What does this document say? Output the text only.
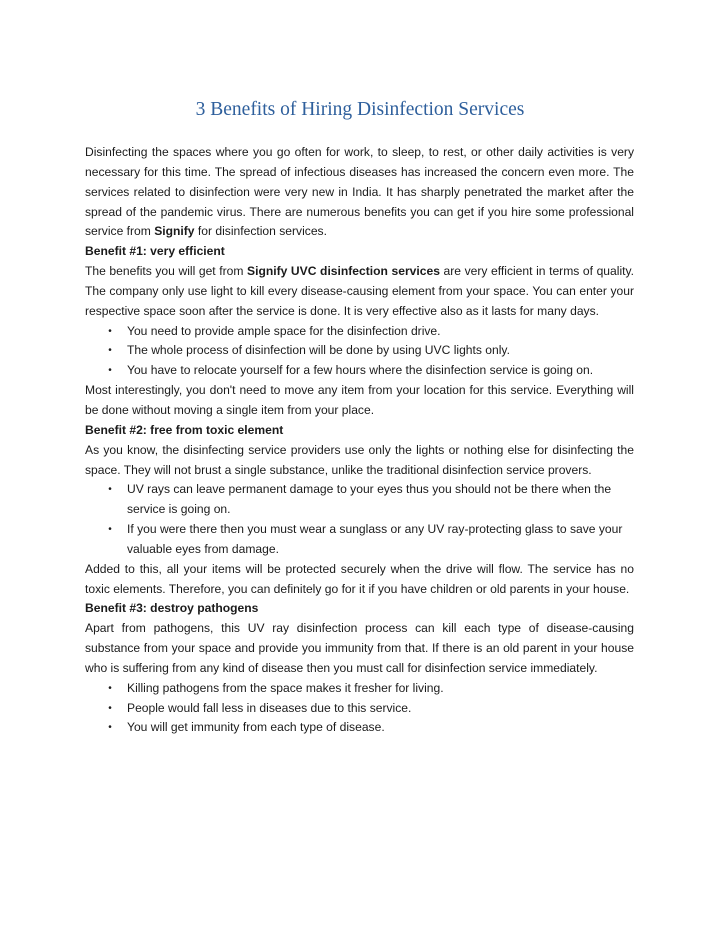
3 Benefits of Hiring Disinfection Services

Disinfecting the spaces where you go often for work, to sleep, to rest, or other daily activities is very necessary for this time. The spread of infectious diseases has increased the concern even more. The services related to disinfection were very new in India. It has sharply penetrated the market after the spread of the pandemic virus. There are numerous benefits you can get if you hire some professional service from Signify for disinfection services.

Benefit #1: very efficient

The benefits you will get from Signify UVC disinfection services are very efficient in terms of quality. The company only use light to kill every disease-causing element from your space. You can enter your respective space soon after the service is done. It is very effective also as it lasts for many days.

• You need to provide ample space for the disinfection drive.
• The whole process of disinfection will be done by using UVC lights only.
• You have to relocate yourself for a few hours where the disinfection service is going on.

Most interestingly, you don't need to move any item from your location for this service. Everything will be done without moving a single item from your place.

Benefit #2: free from toxic element

As you know, the disinfecting service providers use only the lights or nothing else for disinfecting the space. They will not brust a single substance, unlike the traditional disinfection service provers.

• UV rays can leave permanent damage to your eyes thus you should not be there when the service is going on.
• If you were there then you must wear a sunglass or any UV ray-protecting glass to save your valuable eyes from damage.

Added to this, all your items will be protected securely when the drive will flow. The service has no toxic elements. Therefore, you can definitely go for it if you have children or old parents in your house.

Benefit #3: destroy pathogens

Apart from pathogens, this UV ray disinfection process can kill each type of disease-causing substance from your space and provide you immunity from that. If there is an old parent in your house who is suffering from any kind of disease then you must call for disinfection service immediately.

• Killing pathogens from the space makes it fresher for living.
• People would fall less in diseases due to this service.
• You will get immunity from each type of disease.
